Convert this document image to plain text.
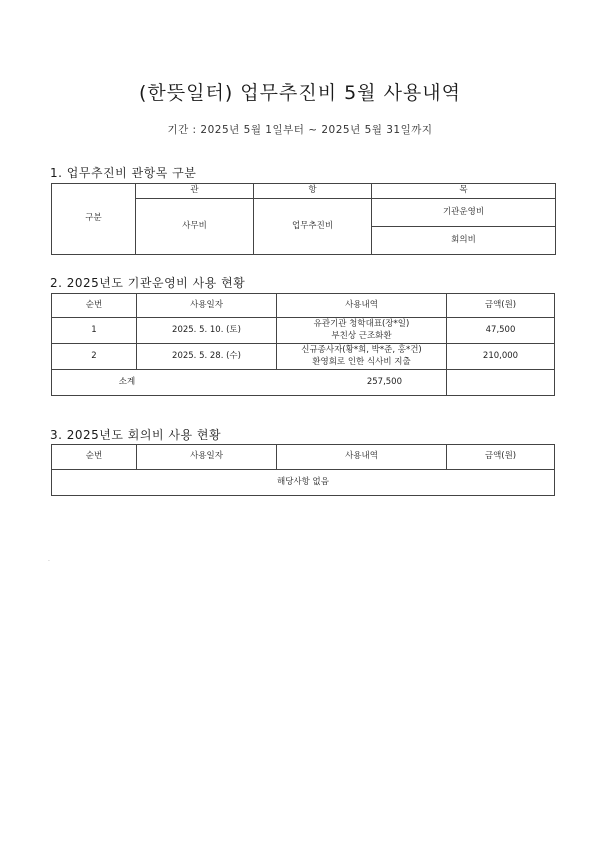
(한뜻일터) 업무추진비 5월 사용내역
기간 : 2025년 5월 1일부터 ~ 2025년 5월 31일까지
1. 업무추진비 관항목 구분
구분	관	항	목
	사무비	업무추진비	기관운영비
			회의비
2. 2025년도 기관운영비 사용 현황
순번	사용일자	사용내역	금액(원)
1	2025. 5. 10. (토)	유관기관 청학대표(장*일)
부친상 근조화환	47,500
2	2025. 5. 28. (수)	신규종사자(황*희, 박*준, 홍*건)
환영회로 인한 식사비 지출	210,000
소계 257,500			
3. 2025년도 회의비 사용 현황
순번	사용일자	사용내역	금액(원)
해당사항 없음
.
